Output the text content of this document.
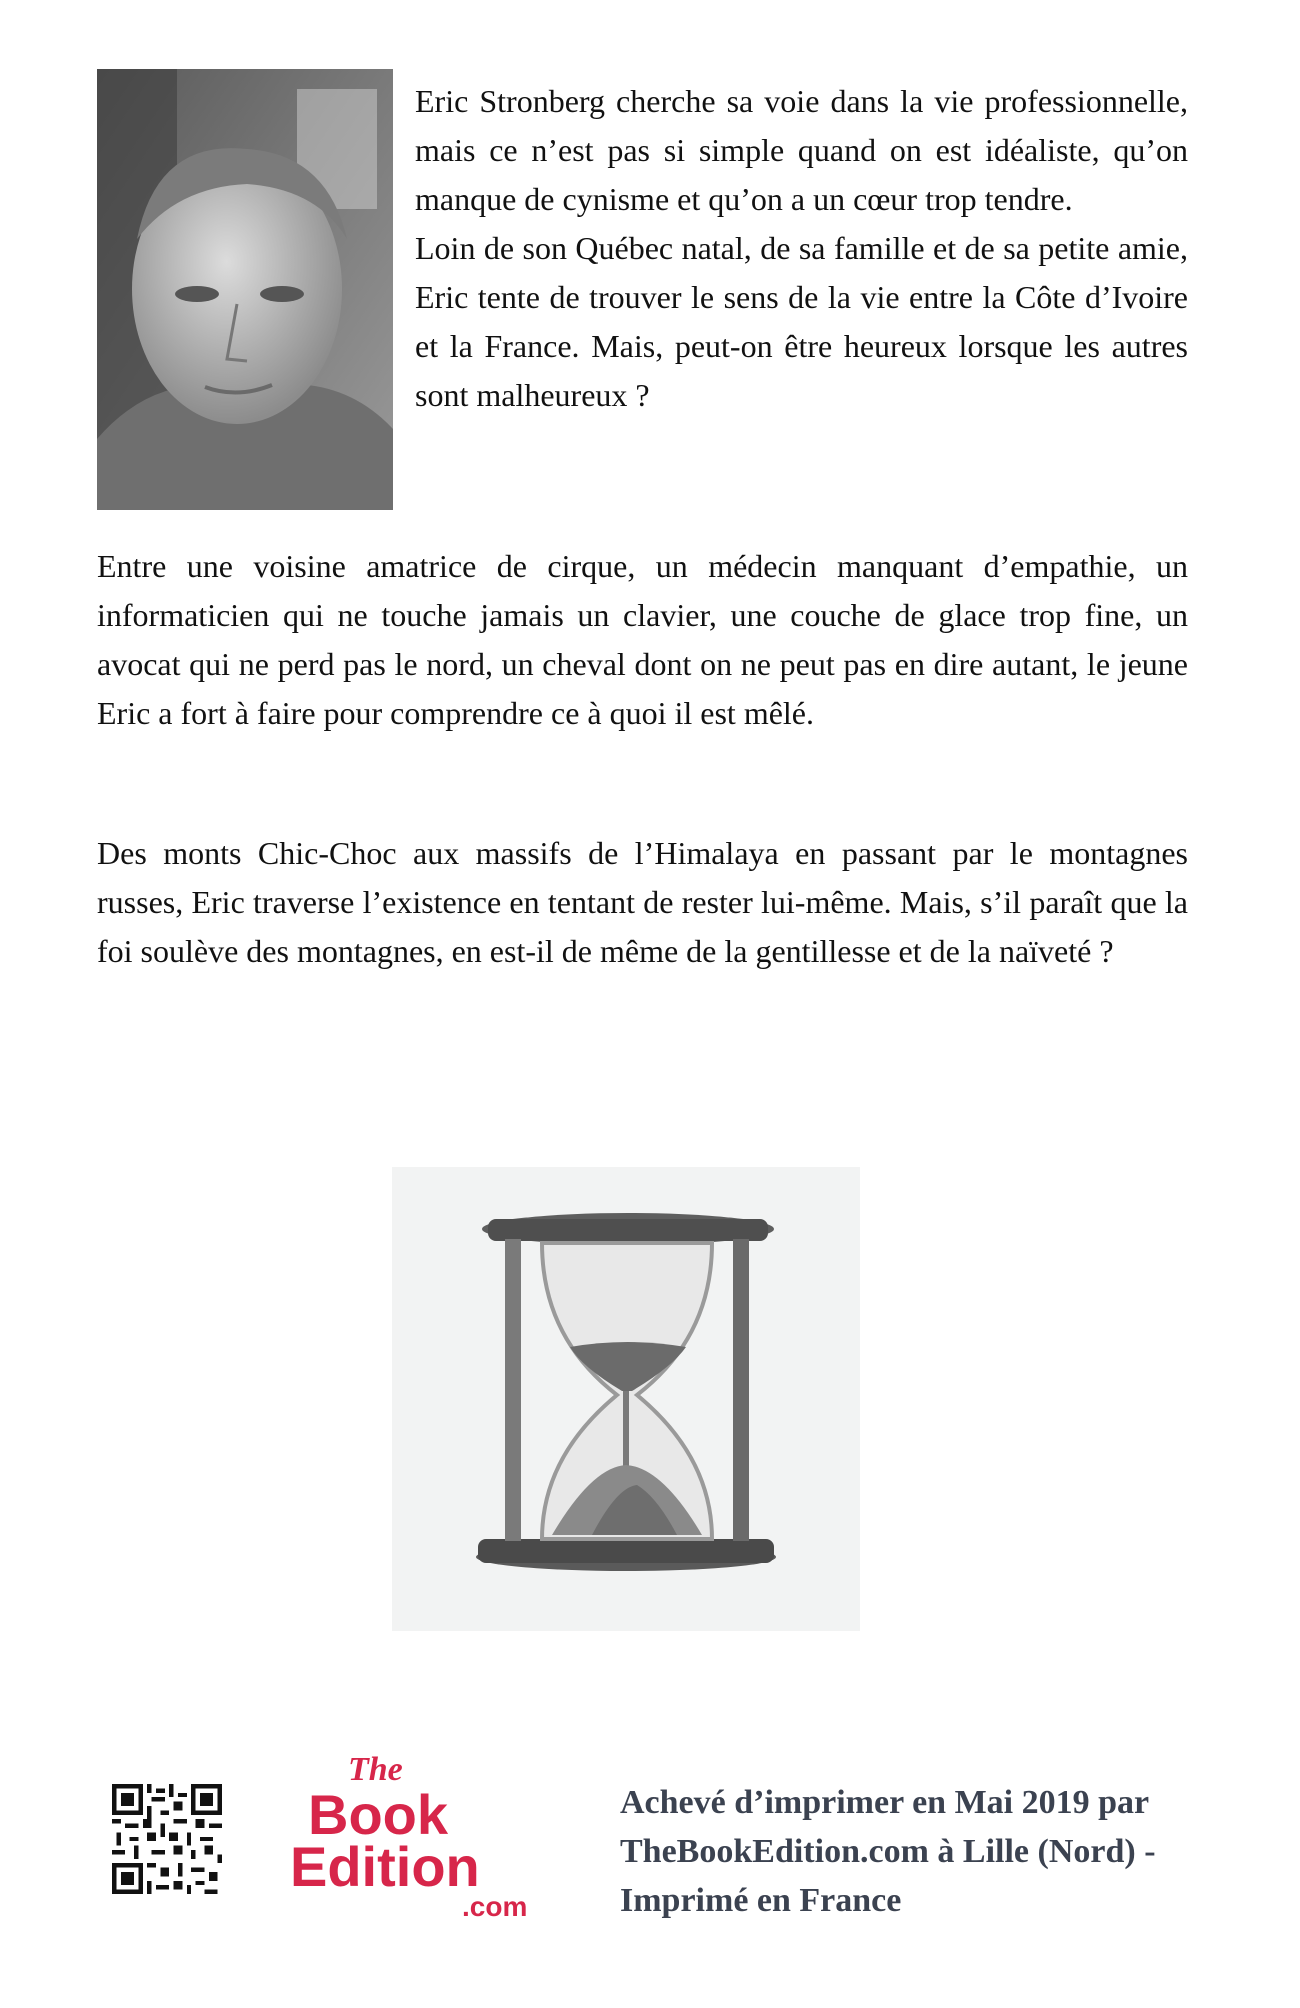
Eric Stronberg cherche sa voie dans la vie professionnelle, mais ce n’est pas si simple quand on est idéaliste, qu’on manque de cynisme et qu’on a un cœur trop tendre.
Loin de son Québec natal, de sa famille et de sa petite amie, Eric tente de trouver le sens de la vie entre la Côte d’Ivoire et la France. Mais, peut-on être heureux lorsque les autres sont malheureux ?

Entre une voisine amatrice de cirque, un médecin manquant d’empathie, un informaticien qui ne touche jamais un clavier, une couche de glace trop fine, un avocat qui ne perd pas le nord, un cheval dont on ne peut pas en dire autant, le jeune Eric a fort à faire pour comprendre ce à quoi il est mêlé.

Des monts Chic-Choc aux massifs de l’Himalaya en passant par le montagnes russes, Eric traverse l’existence en tentant de rester lui-même. Mais, s’il paraît que la foi soulève des montagnes, en est-il de même de la gentillesse et de la naïveté ?

The
Book
Edition
.com

Achevé d’imprimer en Mai 2019 par TheBookEdition.com à Lille (Nord) - Imprimé en France
